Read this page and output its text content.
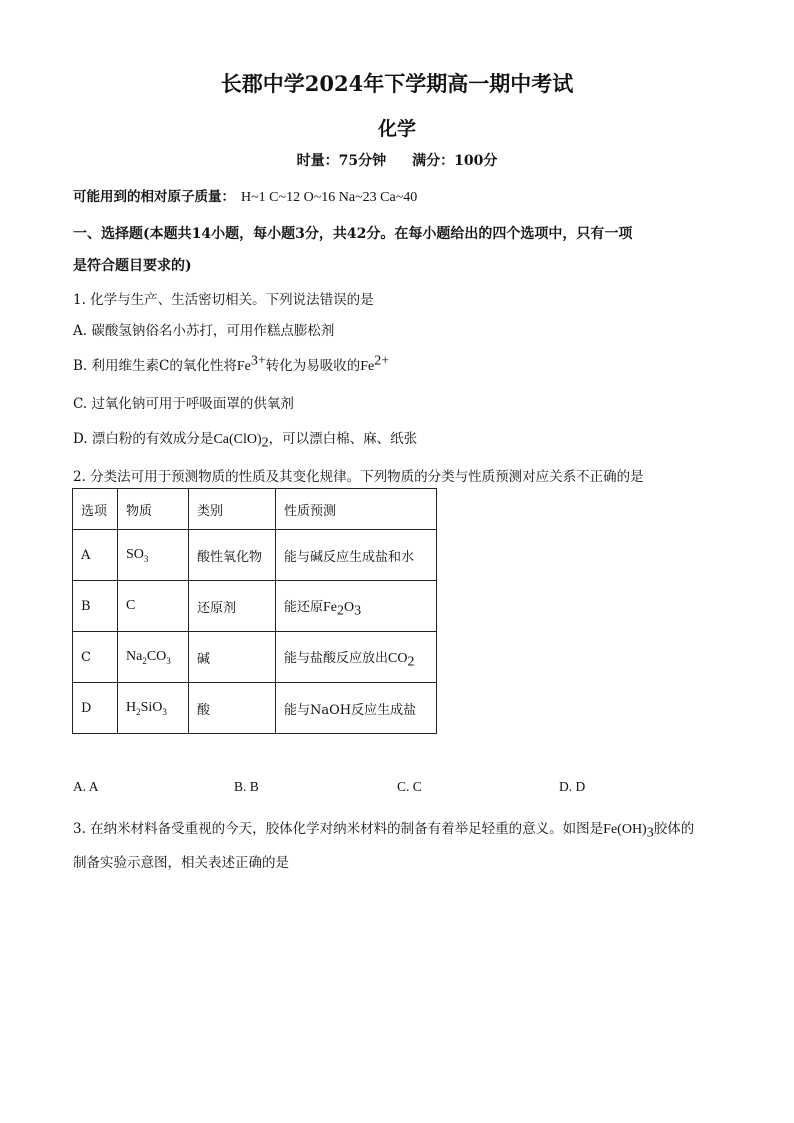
长郡中学2024年下学期高一期中考试
化学
时量：75分钟 满分：100分
可能用到的相对原子质量： H~1 C~12 O~16 Na~23 Ca~40
一、选择题(本题共14小题，每小题3分，共42分。在每小题给出的四个选项中，只有一项
是符合题目要求的)
1. 化学与生产、生活密切相关。下列说法错误的是
A. 碳酸氢钠俗名小苏打，可用作糕点膨松剂
B. 利用维生素C的氧化性将$Fe^{3+}$转化为易吸收的$Fe^{2+}$
C. 过氧化钠可用于呼吸面罩的供氧剂
D. 漂白粉的有效成分是$Ca(ClO)_2$，可以漂白棉、麻、纸张
2. 分类法可用于预测物质的性质及其变化规律。下列物质的分类与性质预测对应关系不正确的是
选项	物质	类别	性质预测
A	$SO_3$	酸性氧化物	能与碱反应生成盐和水
B	C	还原剂	能还原$Fe_2O_3$
C	$Na_2CO_3$	碱	能与盐酸反应放出$CO_2$
D	$H_2SiO_3$	酸	能与NaOH反应生成盐
A. A	B. B	C. C	D. D
3. 在纳米材料备受重视的今天，胶体化学对纳米材料的制备有着举足轻重的意义。如图是$Fe(OH)_3$胶体的
制备实验示意图，相关表述正确的是
